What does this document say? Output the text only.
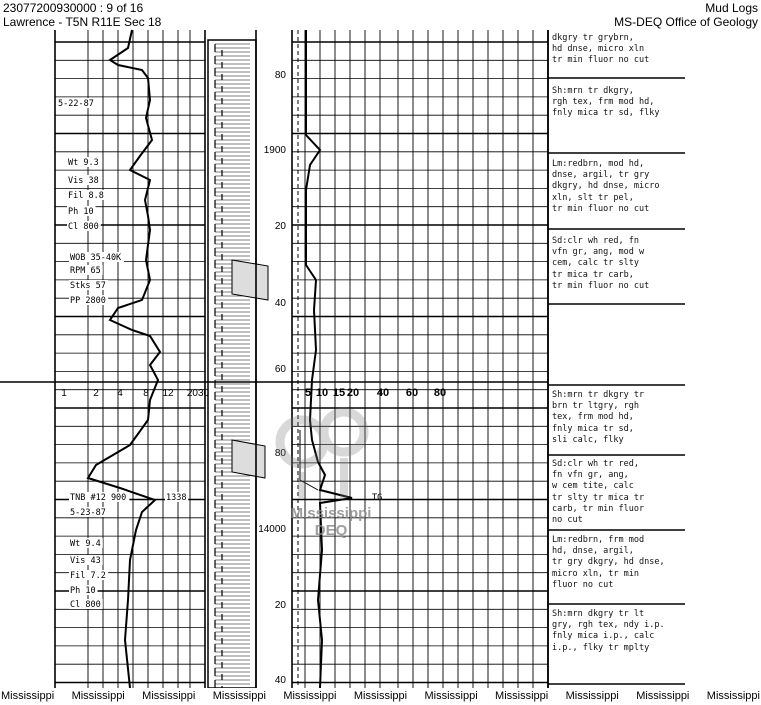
23077200930000 : 9 of 16
Lawrence - T5N R11E Sec 18
Mud Logs
MS-DEQ Office of Geology
80
1900
20
40
60
80
14000
20
40
1	2 4 8 12 2030	5 10 15 20 40 60 80
5-22-87
Wt 9.3
Vis 38
Fil 8.8
Ph 10
Cl 800
WOB 35-40K
RPM 65
Stks 57
PP 2800
TNB #12 900	1338
5-23-87
Wt 9.4
Vis 43
Fil 7.2
Ph 10
Cl 800
TG
Mississippi DEQ
dkgry tr grybrn,
hd dnse, micro xln
tr min fluor no cut
Sh:mrn tr dkgry,
rgh tex, frm mod hd,
fnly mica tr sd, flky
Lm:redbrn, mod hd,
dnse, argil, tr gry
dkgry, hd dnse, micro
xln, slt tr pel,
tr min fluor no cut
Sd:clr wh red, fn
vfn gr, ang, mod w
cem, calc tr slty
tr mica tr carb,
tr min fluor no cut
Sh:mrn tr dkgry tr
brn tr ltgry, rgh
tex, frm mod hd,
fnly mica tr sd,
sli calc, flky
Sd:clr wh tr red,
fn vfn gr, ang,
w cem tite, calc
tr slty tr mica tr
carb, tr min fluor
no cut
Lm:redbrn, frm mod
hd, dnse, argil,
tr gry dkgry, hd dnse,
micro xln, tr min
fluor no cut
Sh:mrn dkgry tr lt
gry, rgh tex, ndy i.p.
fnly mica i.p., calc
i.p., flky tr mplty
Mississippi Mississippi Mississippi Mississippi Mississippi Mississippi Mississippi Mississippi Mississippi Mississippi Mississippi
